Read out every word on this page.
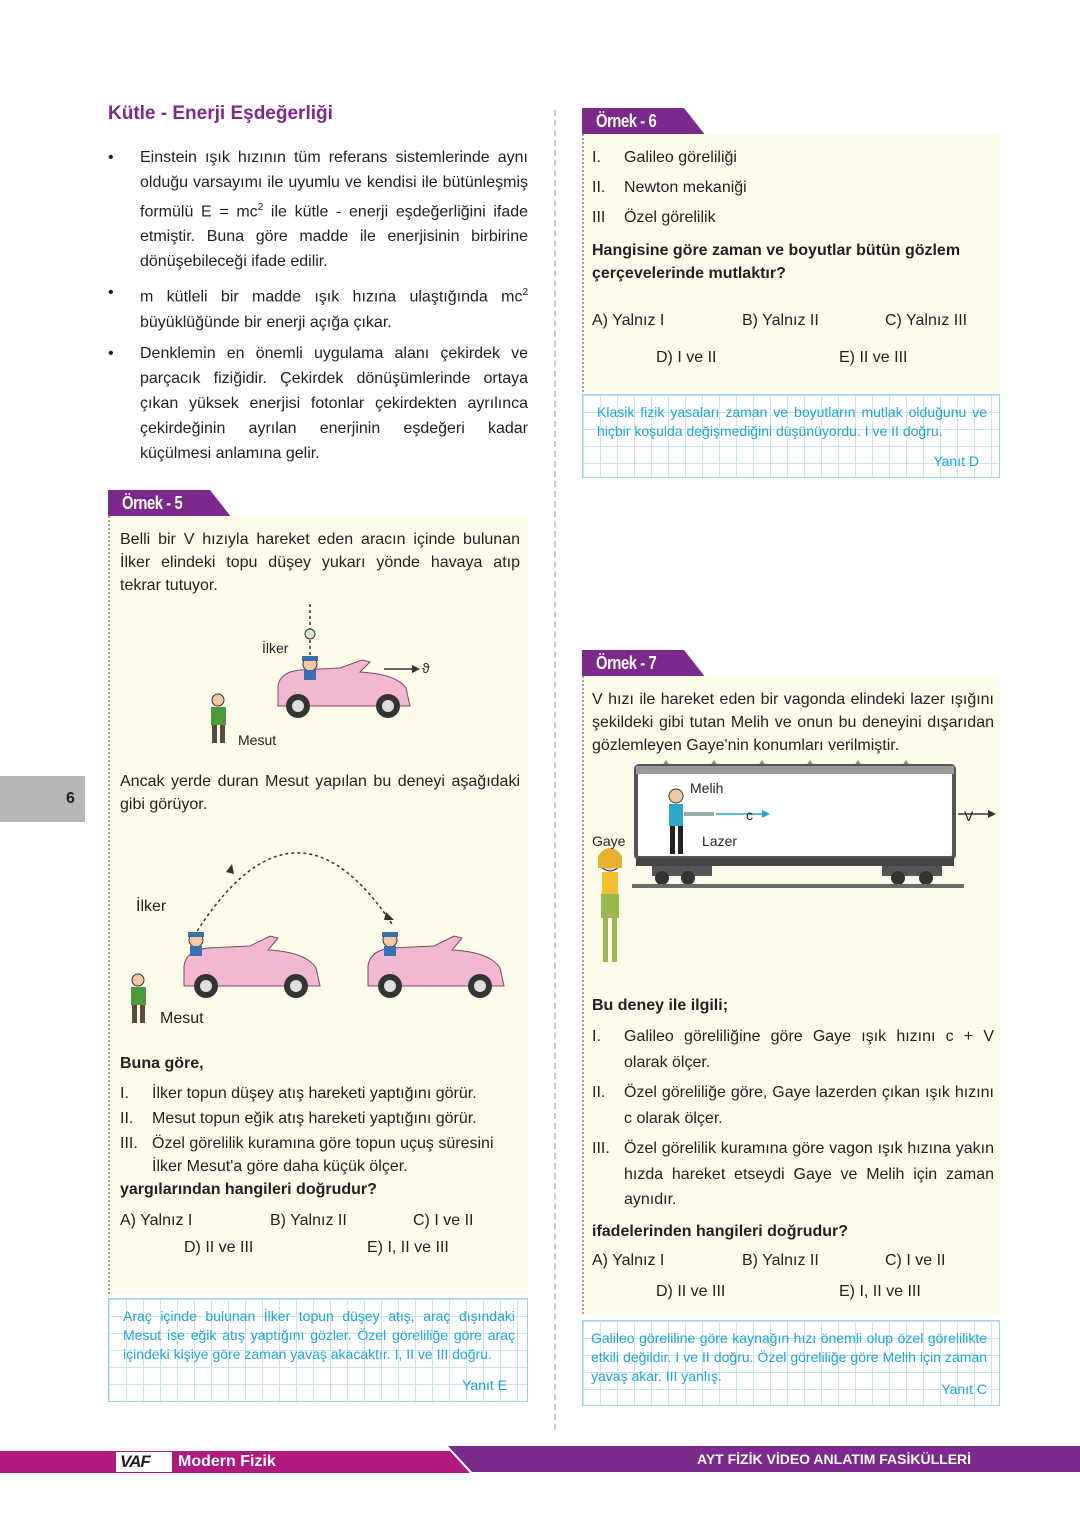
Kütle - Enerji Eşdeğerliği
• Einstein ışık hızının tüm referans sistemlerinde aynı olduğu varsayımı ile uyumlu ve kendisi ile bütünleşmiş formülü $E = mc^2$ ile kütle - enerji eşdeğerliğini ifade etmiştir. Buna göre madde ile enerjisinin birbirine dönüşebileceği ifade edilir.
• m kütleli bir madde ışık hızına ulaştığında $mc^2$ büyüklüğünde bir enerji açığa çıkar.
• Denklemin en önemli uygulama alanı çekirdek ve parçacık fiziğidir. Çekirdek dönüşümlerinde ortaya çıkan yüksek enerjisi fotonlar çekirdekten ayrılınca çekirdeğinin ayrılan enerjinin eşdeğeri kadar küçülmesi anlamına gelir.
Örnek - 5
Belli bir V hızıyla hareket eden aracın içinde bulunan İlker elindeki topu düşey yukarı yönde havaya atıp tekrar tutuyor.
İlker
ϑ
Mesut
Ancak yerde duran Mesut yapılan bu deneyi aşağıdaki gibi görüyor.
İlker
Mesut
Buna göre,
I. İlker topun düşey atış hareketi yaptığını görür.
II. Mesut topun eğik atış hareketi yaptığını görür.
III. Özel görelilik kuramına göre topun uçuş süresini İlker Mesut'a göre daha küçük ölçer.
yargılarından hangileri doğrudur?
A) Yalnız I	B) Yalnız II	C) I ve II
D) II ve III	E) I, II ve III
Araç içinde bulunan İlker topun düşey atış, araç dışındaki Mesut ise eğik atış yaptığını gözler. Özel göreliliğe göre araç içindeki kişiye göre zaman yavaş akacaktır. I, II ve III doğru.
Yanıt E
Örnek - 6
I. Galileo göreliliği
II. Newton mekaniği
III Özel görelilik
Hangisine göre zaman ve boyutlar bütün gözlem çerçevelerinde mutlaktır?
A) Yalnız I	B) Yalnız II	C) Yalnız III
D) I ve II	E) II ve III
Klasik fizik yasaları zaman ve boyutların mutlak olduğunu ve hiçbir koşulda değişmediğini düşünüyordu. I ve II doğru.
Yanıt D
Örnek - 7
V hızı ile hareket eden bir vagonda elindeki lazer ışığını şekildeki gibi tutan Melih ve onun bu deneyini dışarıdan gözlemleyen Gaye'nin konumları verilmiştir.
Melih
c	V
Lazer
Gaye
Bu deney ile ilgili;
I. Galileo göreliliğine göre Gaye ışık hızını c + V olarak ölçer.
II. Özel göreliliğe göre, Gaye lazerden çıkan ışık hızını c olarak ölçer.
III. Özel görelilik kuramına göre vagon ışık hızına yakın hızda hareket etseydi Gaye ve Melih için zaman aynıdır.
ifadelerinden hangileri doğrudur?
A) Yalnız I	B) Yalnız II	C) I ve II
D) II ve III	E) I, II ve III
Galileo göreliline göre kaynağın hızı önemli olup özel görelilikte etkili değildir. I ve II doğru. Özel göreliliğe göre Melih için zaman yavaş akar. III yanlış.
Yanıt C
6
VAF Modern Fizik	AYT FİZİK VİDEO ANLATIM FASİKÜLLERİ
